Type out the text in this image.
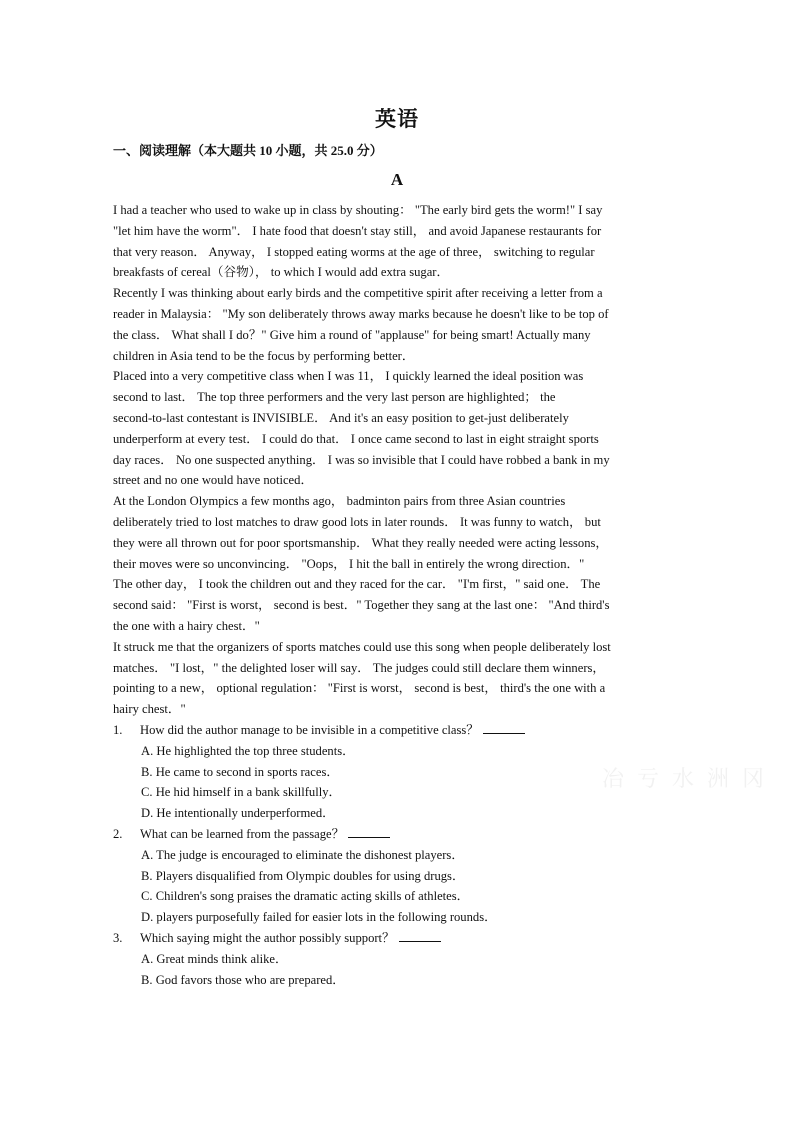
英语
一、阅读理解（本大题共 10 小题，共 25.0 分）
A
I had a teacher who used to wake up in class by shouting： "The early bird gets the worm!" I say
"let him have the worm"． I hate food that doesn't stay still， and avoid Japanese restaurants for
that very reason． Anyway， I stopped eating worms at the age of three， switching to regular
breakfasts of cereal（谷物）， to which I would add extra sugar．
Recently I was thinking about early birds and the competitive spirit after receiving a letter from a
reader in Malaysia： "My son deliberately throws away marks because he doesn't like to be top of
the class． What shall I do？" Give him a round of "applause" for being smart! Actually many
children in Asia tend to be the focus by performing better．
Placed into a very competitive class when I was 11， I quickly learned the ideal position was
second to last． The top three performers and the very last person are highlighted； the
second-to-last contestant is INVISIBLE． And it's an easy position to get-just deliberately
underperform at every test． I could do that． I once came second to last in eight straight sports
day races． No one suspected anything． I was so invisible that I could have robbed a bank in my
street and no one would have noticed．
At the London Olympics a few months ago， badminton pairs from three Asian countries
deliberately tried to lost matches to draw good lots in later rounds． It was funny to watch， but
they were all thrown out for poor sportsmanship． What they really needed were acting lessons，
their moves were so unconvincing． "Oops， I hit the ball in entirely the wrong direction．"
The other day， I took the children out and they raced for the car． "I'm first，" said one． The
second said： "First is worst， second is best．" Together they sang at the last one： "And third's
the one with a hairy chest．"
It struck me that the organizers of sports matches could use this song when people deliberately lost
matches． "I lost，" the delighted loser will say． The judges could still declare them winners，
pointing to a new， optional regulation： "First is worst， second is best， third's the one with a
hairy chest．"
1. How did the author manage to be invisible in a competitive class？
A. He highlighted the top three students．
B. He came to second in sports races．
C. He hid himself in a bank skillfully．
D. He intentionally underperformed．
2. What can be learned from the passage？
A. The judge is encouraged to eliminate the dishonest players．
B. Players disqualified from Olympic doubles for using drugs．
C. Children's song praises the dramatic acting skills of athletes．
D. players purposefully failed for easier lots in the following rounds．
3. Which saying might the author possibly support？
A. Great minds think alike．
B. God favors those who are prepared．
冶 亏 水 洲 冈
